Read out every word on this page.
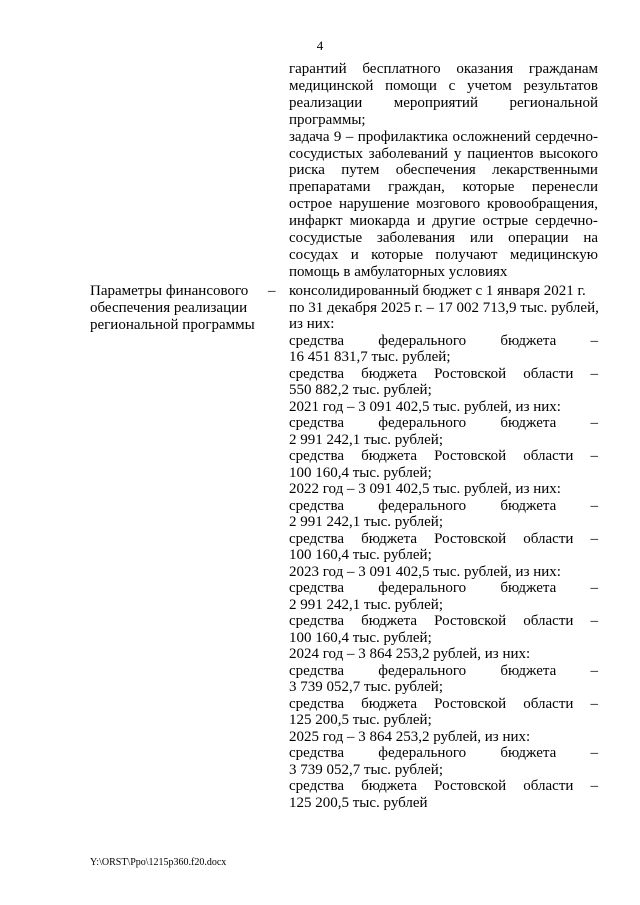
4
гарантий бесплатного оказания гражданам
медицинской помощи с учетом результатов
реализации мероприятий региональной
программы;
задача 9 – профилактика осложнений сердечно-
сосудистых заболеваний у пациентов высокого
риска путем обеспечения лекарственными
препаратами граждан, которые перенесли
острое нарушение мозгового кровообращения,
инфаркт миокарда и другие острые сердечно-
сосудистые заболевания или операции на
сосудах и которые получают медицинскую
помощь в амбулаторных условиях
Параметры финансового
обеспечения реализации
региональной программы
– консолидированный бюджет с 1 января 2021 г.
по 31 декабря 2025 г. – 17 002 713,9 тыс. рублей,
из них:
средства федерального бюджета –
16 451 831,7 тыс. рублей;
средства бюджета Ростовской области –
550 882,2 тыс. рублей;
2021 год – 3 091 402,5 тыс. рублей, из них:
средства федерального бюджета –
2 991 242,1 тыс. рублей;
средства бюджета Ростовской области –
100 160,4 тыс. рублей;
2022 год – 3 091 402,5 тыс. рублей, из них:
средства федерального бюджета –
2 991 242,1 тыс. рублей;
средства бюджета Ростовской области –
100 160,4 тыс. рублей;
2023 год – 3 091 402,5 тыс. рублей, из них:
средства федерального бюджета –
2 991 242,1 тыс. рублей;
средства бюджета Ростовской области –
100 160,4 тыс. рублей;
2024 год – 3 864 253,2 рублей, из них:
средства федерального бюджета –
3 739 052,7 тыс. рублей;
средства бюджета Ростовской области –
125 200,5 тыс. рублей;
2025 год – 3 864 253,2 рублей, из них:
средства федерального бюджета –
3 739 052,7 тыс. рублей;
средства бюджета Ростовской области –
125 200,5 тыс. рублей
Y:\ORST\Ppo\1215p360.f20.docx
